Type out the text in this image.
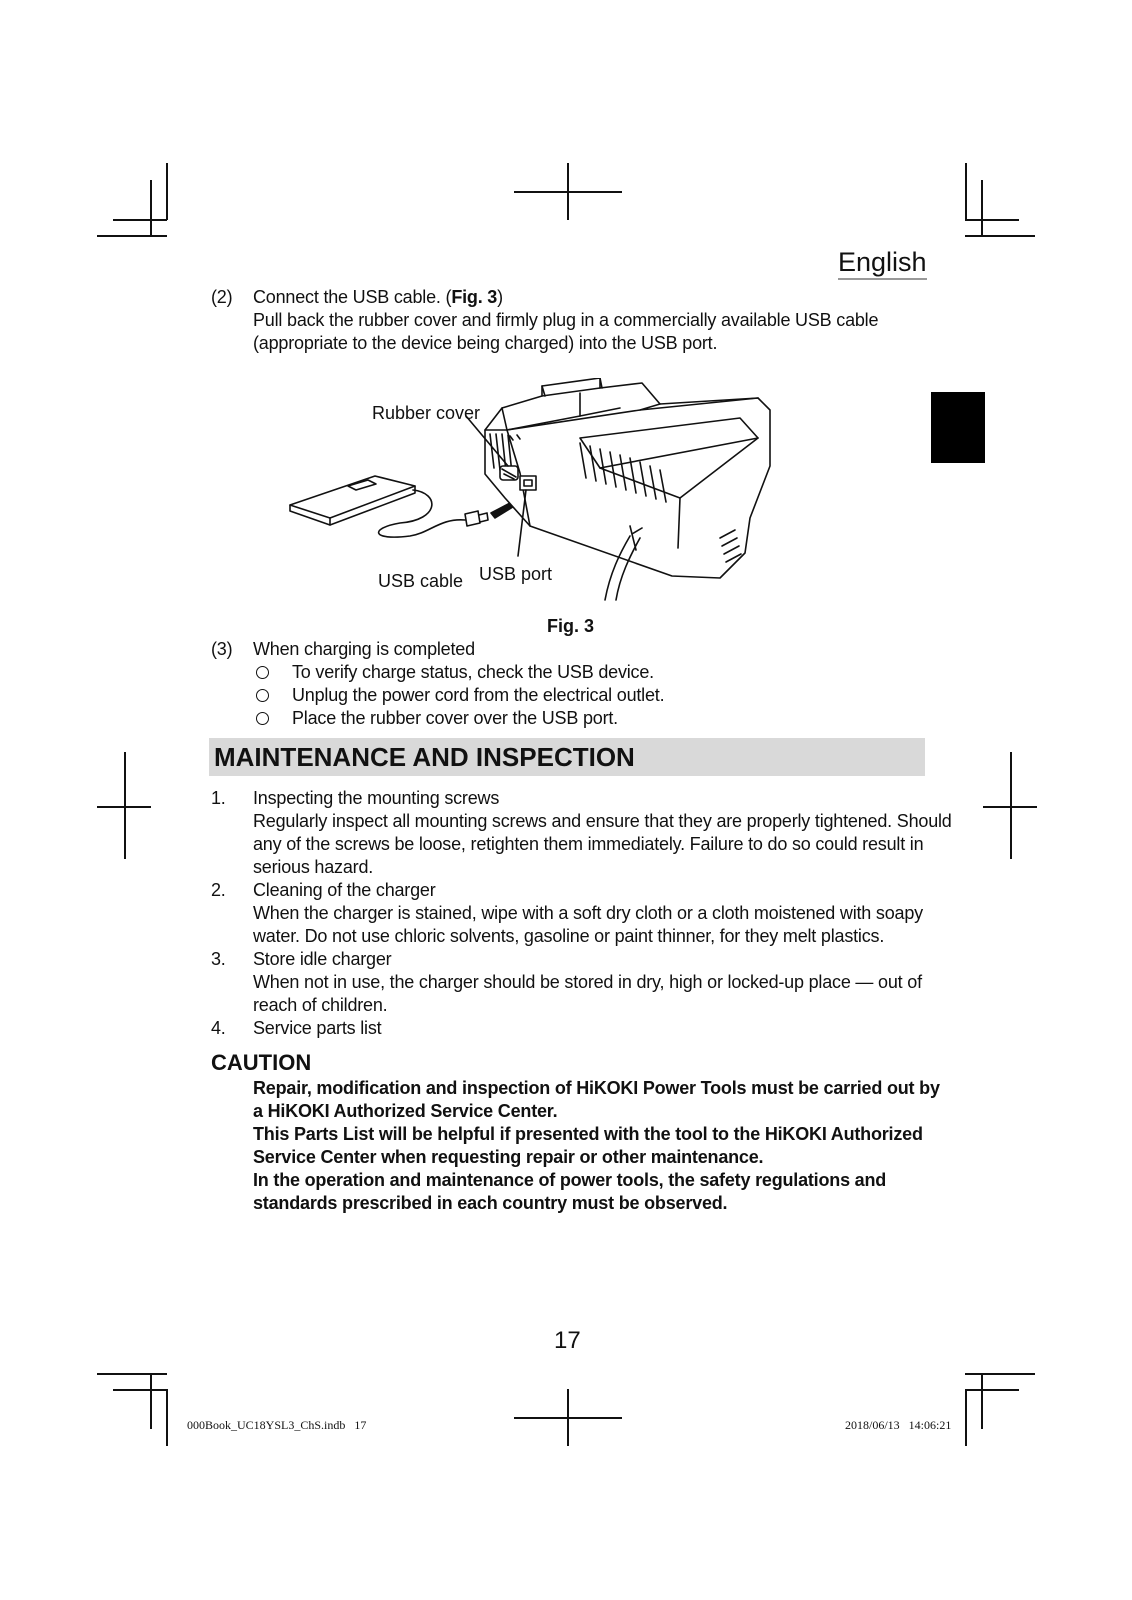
English
(2) Connect the USB cable. (Fig. 3)
Pull back the rubber cover and firmly plug in a commercially available USB cable
(appropriate to the device being charged) into the USB port.
Rubber cover
USB cable USB port
Fig. 3
(3) When charging is completed
To verify charge status, check the USB device.
Unplug the power cord from the electrical outlet.
Place the rubber cover over the USB port.
MAINTENANCE AND INSPECTION
1. Inspecting the mounting screws
Regularly inspect all mounting screws and ensure that they are properly tightened. Should
any of the screws be loose, retighten them immediately. Failure to do so could result in
serious hazard.
2. Cleaning of the charger
When the charger is stained, wipe with a soft dry cloth or a cloth moistened with soapy
water. Do not use chloric solvents, gasoline or paint thinner, for they melt plastics.
3. Store idle charger
When not in use, the charger should be stored in dry, high or locked-up place — out of
reach of children.
4. Service parts list
CAUTION
Repair, modification and inspection of HiKOKI Power Tools must be carried out by
a HiKOKI Authorized Service Center.
This Parts List will be helpful if presented with the tool to the HiKOKI Authorized
Service Center when requesting repair or other maintenance.
In the operation and maintenance of power tools, the safety regulations and
standards prescribed in each country must be observed.
17
000Book_UC18YSL3_ChS.indb   17	2018/06/13   14:06:21
